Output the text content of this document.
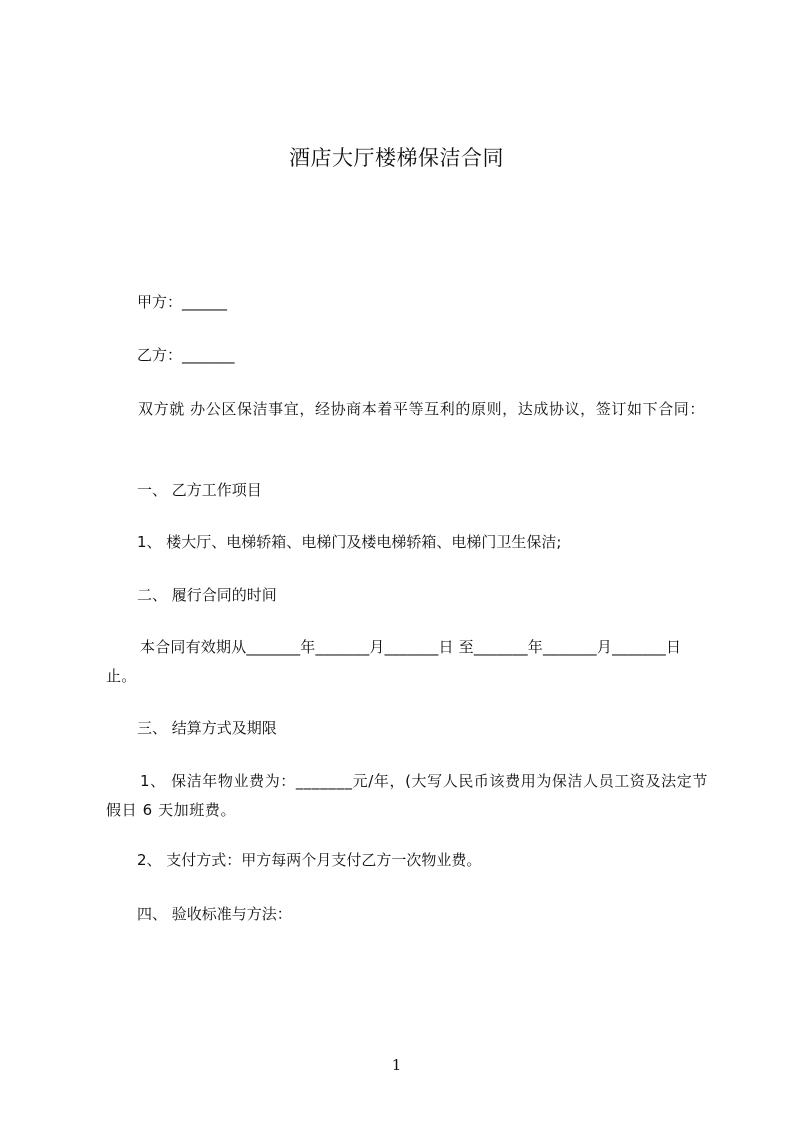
酒店大厅楼梯保洁合同
甲方：______
乙方：_______
双方就 办公区保洁事宜，经协商本着平等互利的原则，达成协议，签订如下合同：
一、 乙方工作项目
1、 楼大厅、电梯轿箱、电梯门及楼电梯轿箱、电梯门卫生保洁;
二、 履行合同的时间
本合同有效期从_______年_______月_______日 至_______年_______月_______日 止。
三、 结算方式及期限
1、 保洁年物业费为：_______元/年，(大写人民币该费用为保洁人员工资及法定节假日 6 天加班费。
2、 支付方式：甲方每两个月支付乙方一次物业费。
四、 验收标准与方法：
1
